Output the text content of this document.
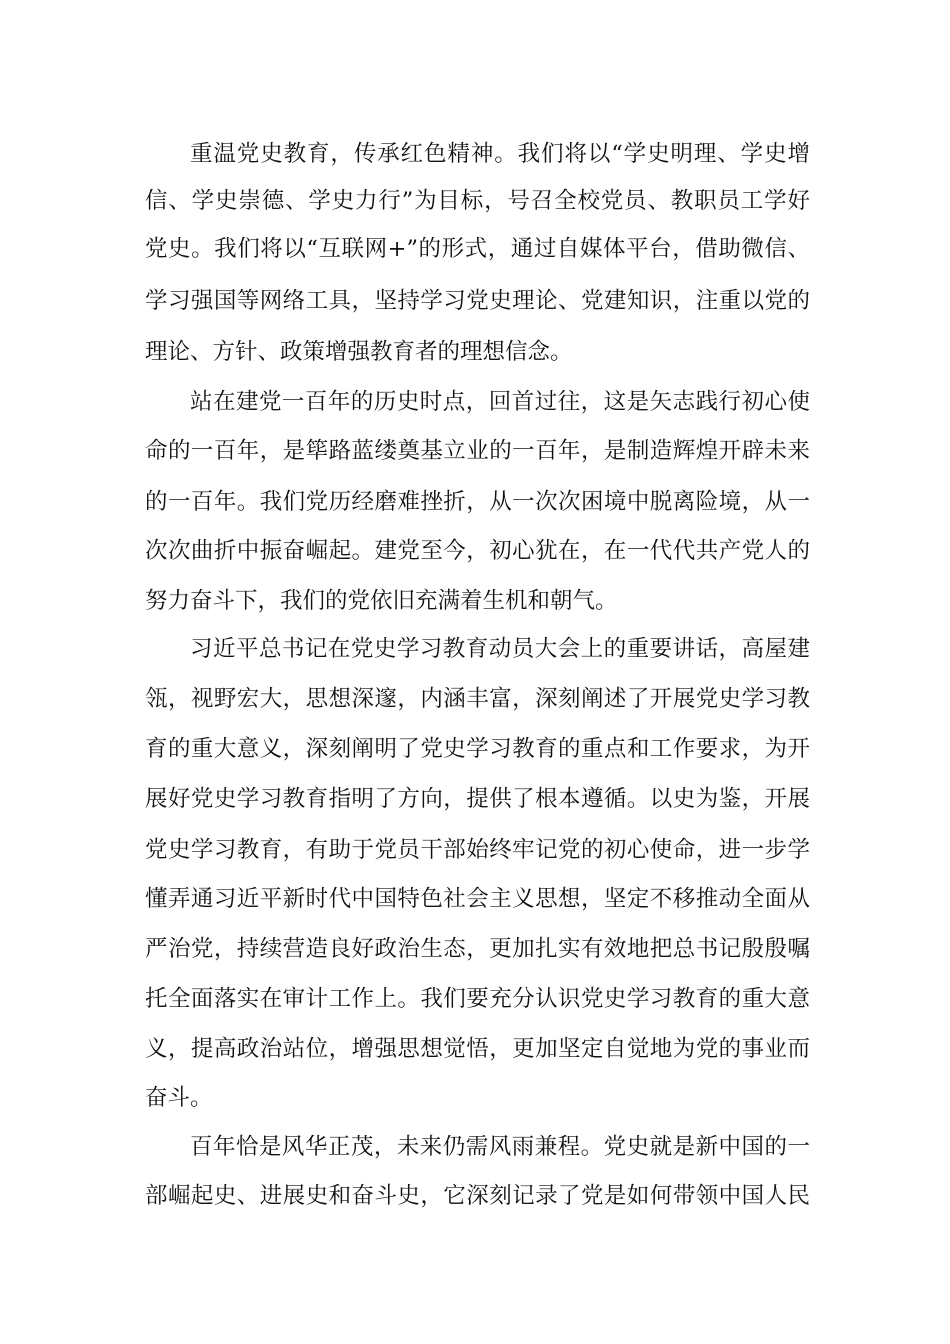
重温党史教育，传承红色精神。我们将以“学史明理、学史增

信、学史崇德、学史力行”为目标，号召全校党员、教职员工学好

党史。我们将以“互联网+”的形式，通过自媒体平台，借助微信、

学习强国等网络工具，坚持学习党史理论、党建知识，注重以党的

理论、方针、政策增强教育者的理想信念。

站在建党一百年的历史时点，回首过往，这是矢志践行初心使

命的一百年，是筚路蓝缕奠基立业的一百年，是制造辉煌开辟未来

的一百年。我们党历经磨难挫折，从一次次困境中脱离险境，从一

次次曲折中振奋崛起。建党至今，初心犹在，在一代代共产党人的

努力奋斗下，我们的党依旧充满着生机和朝气。

习近平总书记在党史学习教育动员大会上的重要讲话，高屋建

瓴，视野宏大，思想深邃，内涵丰富，深刻阐述了开展党史学习教

育的重大意义，深刻阐明了党史学习教育的重点和工作要求，为开

展好党史学习教育指明了方向，提供了根本遵循。以史为鉴，开展

党史学习教育，有助于党员干部始终牢记党的初心使命，进一步学

懂弄通习近平新时代中国特色社会主义思想，坚定不移推动全面从

严治党，持续营造良好政治生态，更加扎实有效地把总书记殷殷嘱

托全面落实在审计工作上。我们要充分认识党史学习教育的重大意

义，提高政治站位，增强思想觉悟，更加坚定自觉地为党的事业而

奋斗。

百年恰是风华正茂，未来仍需风雨兼程。党史就是新中国的一

部崛起史、进展史和奋斗史，它深刻记录了党是如何带领中国人民
